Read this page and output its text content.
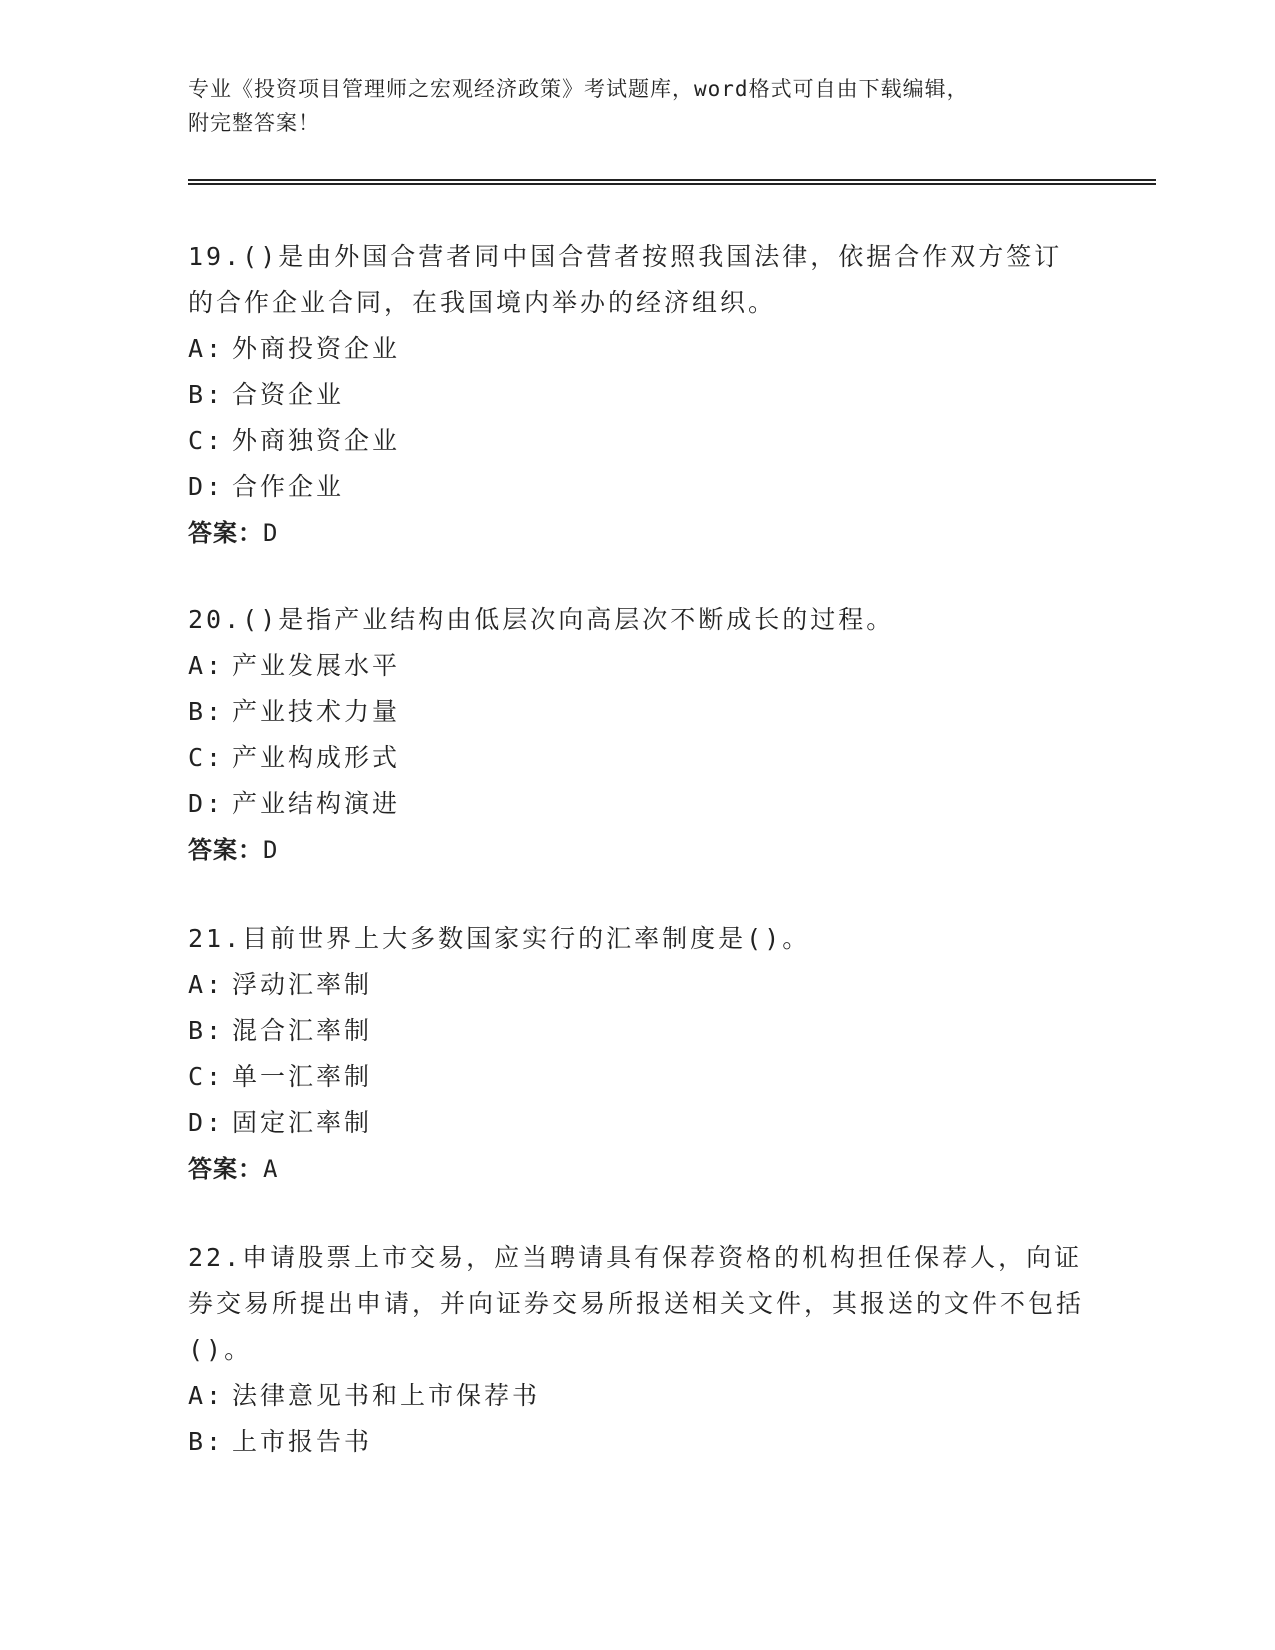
专业《投资项目管理师之宏观经济政策》考试题库，word格式可自由下载编辑，
附完整答案！

19.()是由外国合营者同中国合营者按照我国法律，依据合作双方签订的合作企业合同，在我国境内举办的经济组织。

A: 外商投资企业

B: 合资企业

C: 外商独资企业

D: 合作企业

答案：D

20.()是指产业结构由低层次向高层次不断成长的过程。

A: 产业发展水平

B: 产业技术力量

C: 产业构成形式

D: 产业结构演进

答案：D

21.目前世界上大多数国家实行的汇率制度是()。

A: 浮动汇率制

B: 混合汇率制

C: 单一汇率制

D: 固定汇率制

答案：A

22.申请股票上市交易，应当聘请具有保荐资格的机构担任保荐人，向证券交易所提出申请，并向证券交易所报送相关文件，其报送的文件不包括()。

A: 法律意见书和上市保荐书

B: 上市报告书
